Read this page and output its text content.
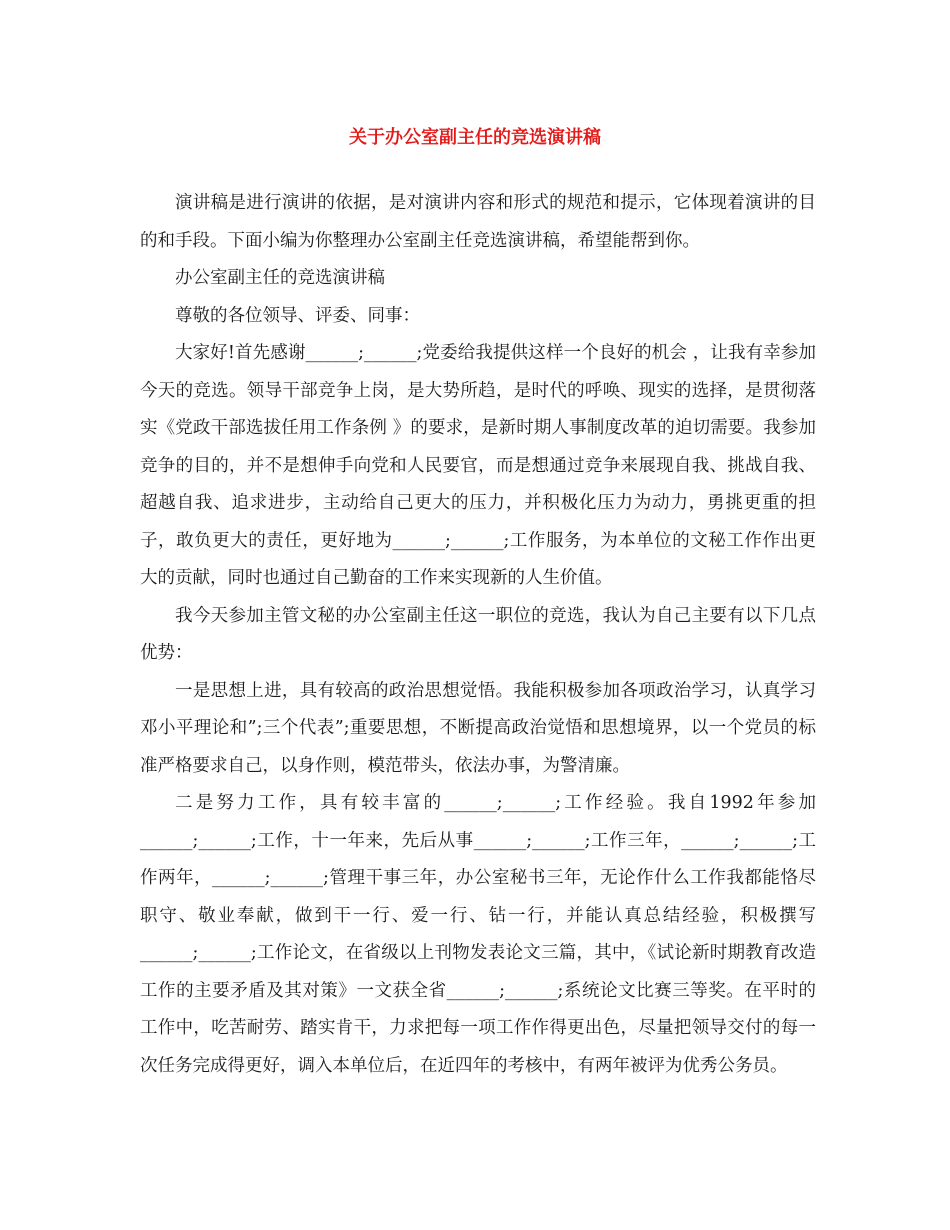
关于办公室副主任的竞选演讲稿

演讲稿是进行演讲的依据，是对演讲内容和形式的规范和提示，它体现着演讲的目的和手段。下面小编为你整理办公室副主任竞选演讲稿，希望能帮到你。

办公室副主任的竞选演讲稿

尊敬的各位领导、评委、同事：

大家好!首先感谢______;______;党委给我提供这样一个良好的机会 ，让我有幸参加今天的竞选。领导干部竞争上岗，是大势所趋，是时代的呼唤、现实的选择，是贯彻落实《党政干部选拔任用工作条例 》的要求，是新时期人事制度改革的迫切需要。我参加竞争的目的，并不是想伸手向党和人民要官，而是想通过竞争来展现自我、挑战自我、超越自我、追求进步，主动给自己更大的压力，并积极化压力为动力，勇挑更重的担子，敢负更大的责任，更好地为______;______;工作服务，为本单位的文秘工作作出更大的贡献，同时也通过自己勤奋的工作来实现新的人生价值。

我今天参加主管文秘的办公室副主任这一职位的竞选，我认为自己主要有以下几点优势：

一是思想上进，具有较高的政治思想觉悟。我能积极参加各项政治学习，认真学习邓小平理论和”;三个代表”;重要思想，不断提高政治觉悟和思想境界，以一个党员的标准严格要求自己，以身作则，模范带头，依法办事，为警清廉。

二是努力工作，具有较丰富的______;______;工作经验。我自1992年参加______;______;工作，十一年来，先后从事______;______;工作三年，______;______;工作两年，______;______;管理干事三年，办公室秘书三年，无论作什么工作我都能恪尽职守、敬业奉献，做到干一行、爱一行、钻一行，并能认真总结经验，积极撰写______;______;工作论文，在省级以上刊物发表论文三篇，其中，《试论新时期教育改造工作的主要矛盾及其对策》一文获全省______;______;系统论文比赛三等奖。在平时的工作中，吃苦耐劳、踏实肯干，力求把每一项工作作得更出色，尽量把领导交付的每一次任务完成得更好，调入本单位后，在近四年的考核中，有两年被评为优秀公务员。
